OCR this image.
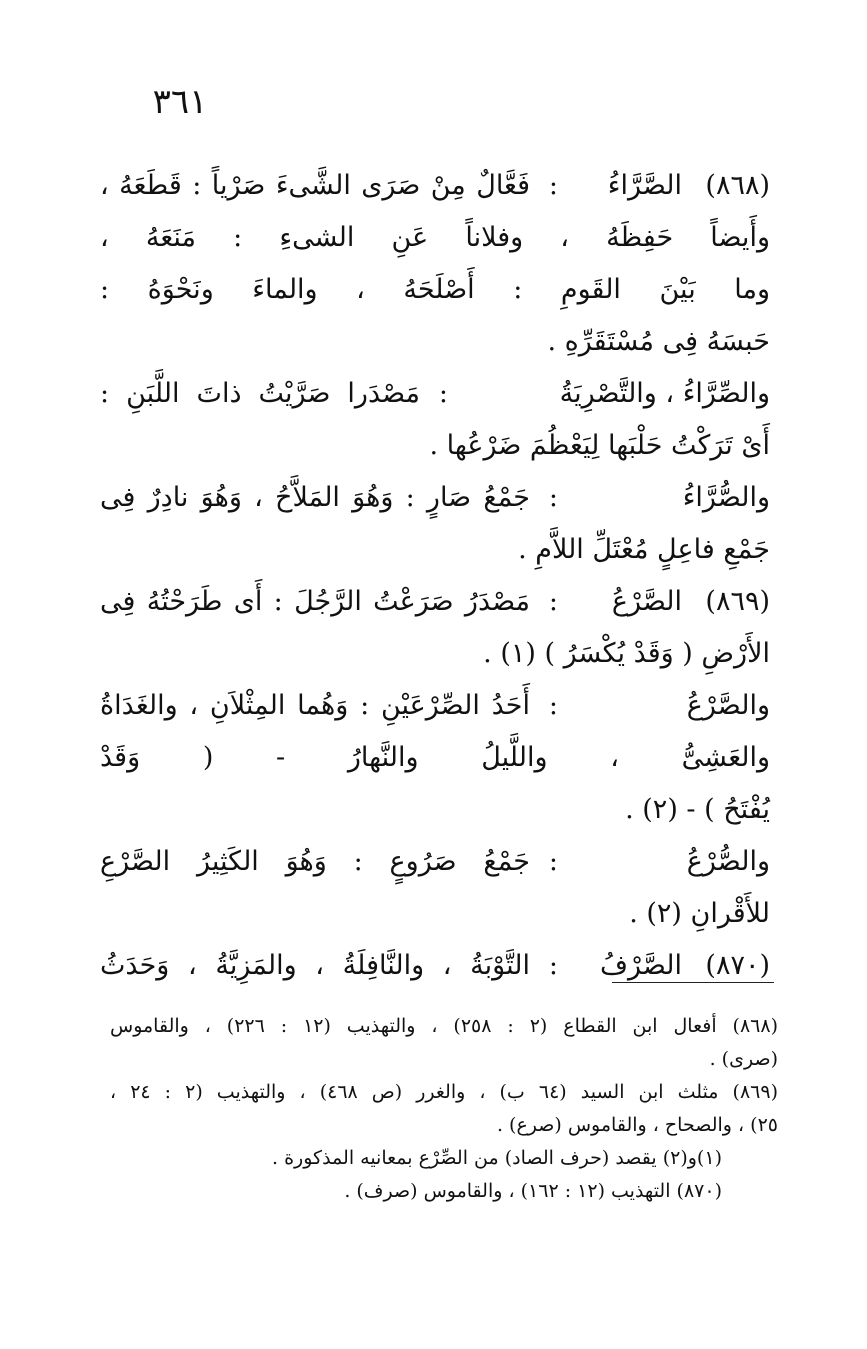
٣٦١
(٨٦٨)
الصَّرَّاءُ
:
فَعَّالٌ مِنْ صَرَى الشَّىءَ صَرْياً : قَطَعَهُ ،
وأَيضاً حَفِظَهُ ، وفلاناً عَنِ الشىءِ : مَنَعَهُ ،
وما بَيْنَ القَومِ : أَصْلَحَهُ ، والماءَ ونَحْوَهُ :
حَبسَهُ فِى مُسْتَقَرِّهِ .
والصِّرَّاءُ ، والتَّصْرِيَةُ
:
مَصْدَرا صَرَّيْتُ ذاتَ اللَّبَنِ :
أَىْ تَرَكْتُ حَلْبَها لِيَعْظُمَ ضَرْعُها .
والصُّرَّاءُ
:
جَمْعُ صَارٍ : وَهُوَ المَلاَّحُ ، وَهُوَ نادِرٌ فِى
جَمْعِ فاعِلٍ مُعْتَلِّ اللاَّمِ .
(٨٦٩)
الصَّرْعُ
:
مَصْدَرُ صَرَعْتُ الرَّجُلَ : أَى طَرَحْتُهُ فِى
الأَرْضِ ( وَقَدْ يُكْسَرُ ) (١) .
والصَّرْعُ
:
أَحَدُ الصِّرْعَيْنِ : وَهُما المِثْلاَنِ ، والغَدَاةُ
والعَشِىُّ ، واللَّيلُ والنَّهارُ - ( وَقَدْ
يُفْتَحُ ) - (٢) .
والصُّرْعُ
:
جَمْعُ صَرُوعٍ : وَهُوَ الكَثِيرُ الصَّرْعِ
للأَقْرانِ (٢) .
(٨٧٠)
الصَّرْفُ
:
التَّوْبَةُ ، والنَّافِلَةُ ، والمَزِيَّةُ ، وَحَدَثُ
(٨٦٨) أفعال ابن القطاع (٢ : ٢٥٨) ، والتهذيب (١٢ : ٢٢٦) ، والقاموس
(صرى) .
(٨٦٩) مثلث ابن السيد (٦٤ ب) ، والغرر (ص ٤٦٨) ، والتهذيب (٢ : ٢٤ ،
٢٥) ، والصحاح ، والقاموس (صرع) .
(١)و(٢) يقصد (حرف الصاد) من الصِّرْع بمعانيه المذكورة .
(٨٧٠) التهذيب (١٢ : ١٦٢) ، والقاموس (صرف) .
